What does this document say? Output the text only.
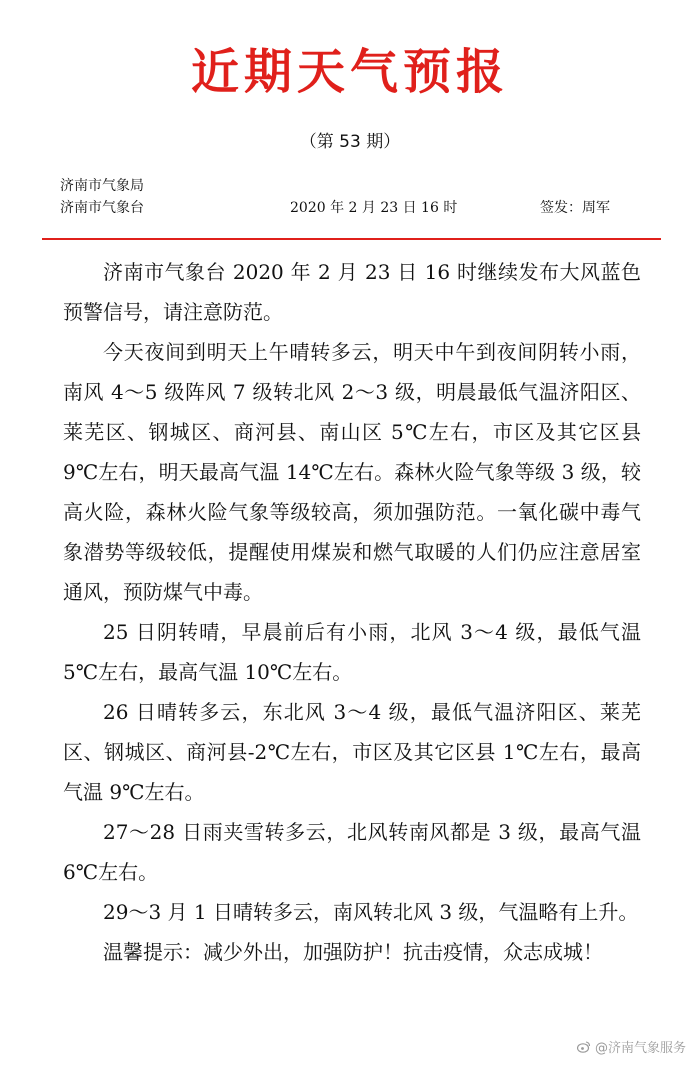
近期天气预报
（第 53 期）
济南市气象局
济南市气象台	2020 年 2 月 23 日 16 时	签发：周军

济南市气象台 2020 年 2 月 23 日 16 时继续发布大风蓝色预警信号，请注意防范。

今天夜间到明天上午晴转多云，明天中午到夜间阴转小雨，南风 4～5 级阵风 7 级转北风 2～3 级，明晨最低气温济阳区、莱芜区、钢城区、商河县、南山区 5℃左右，市区及其它区县 9℃左右，明天最高气温 14℃左右。森林火险气象等级 3 级，较高火险，森林火险气象等级较高，须加强防范。一氧化碳中毒气象潜势等级较低，提醒使用煤炭和燃气取暖的人们仍应注意居室通风，预防煤气中毒。

25 日阴转晴，早晨前后有小雨，北风 3～4 级，最低气温 5℃左右，最高气温 10℃左右。

26 日晴转多云，东北风 3～4 级，最低气温济阳区、莱芜区、钢城区、商河县-2℃左右，市区及其它区县 1℃左右，最高气温 9℃左右。

27～28 日雨夹雪转多云，北风转南风都是 3 级，最高气温 6℃左右。

29～3 月 1 日晴转多云，南风转北风 3 级，气温略有上升。

温馨提示：减少外出，加强防护！抗击疫情，众志成城！

@济南气象服务
